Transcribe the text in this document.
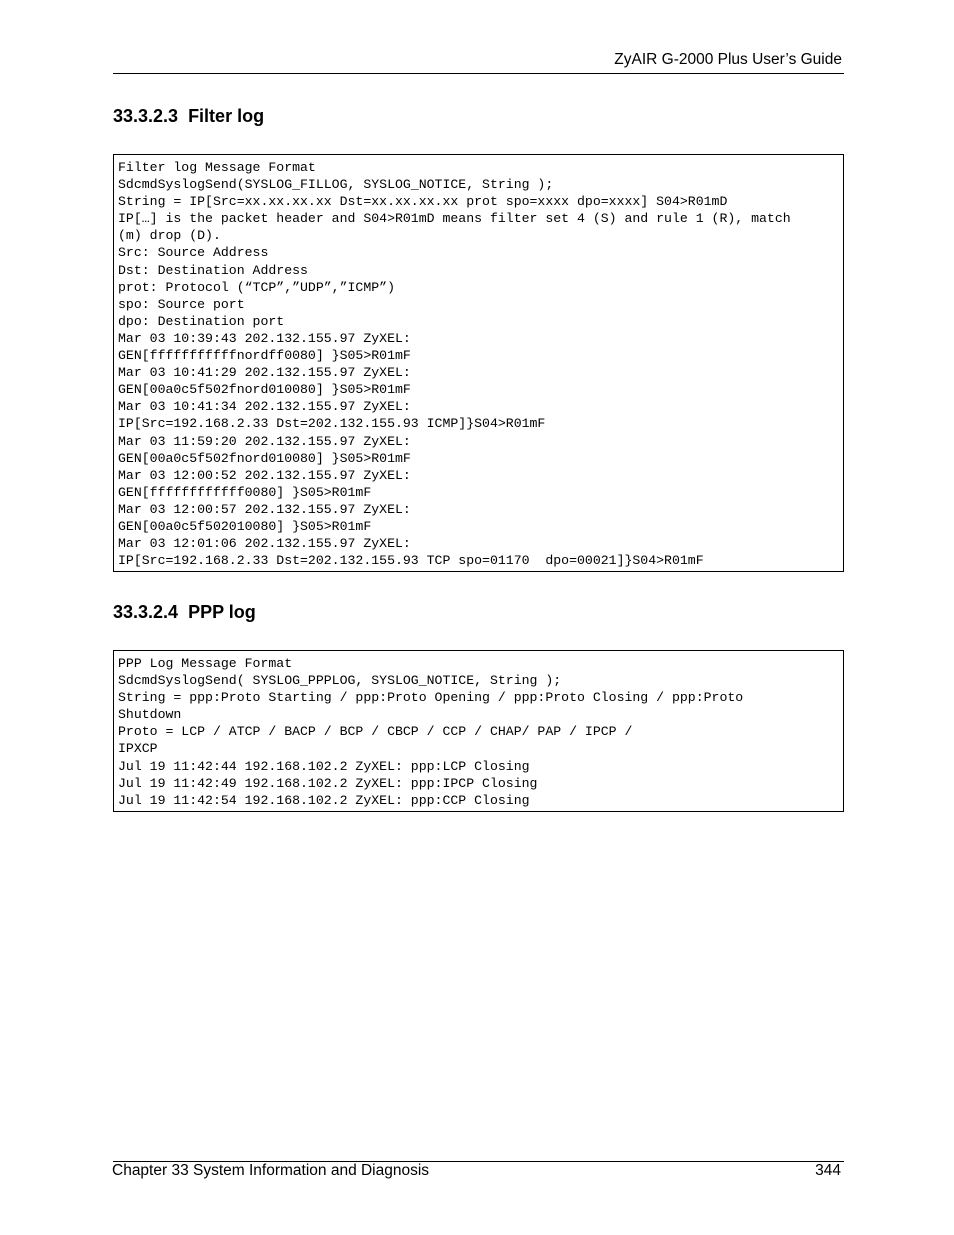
ZyAIR G-2000 Plus User’s Guide
33.3.2.3 Filter log
Filter log Message Format
SdcmdSyslogSend(SYSLOG_FILLOG, SYSLOG_NOTICE, String );
String = IP[Src=xx.xx.xx.xx Dst=xx.xx.xx.xx prot spo=xxxx dpo=xxxx] S04>R01mD
IP[…] is the packet header and S04>R01mD means filter set 4 (S) and rule 1 (R), match
(m) drop (D).
Src: Source Address
Dst: Destination Address
prot: Protocol (“TCP”,”UDP”,”ICMP”)
spo: Source port
dpo: Destination port
Mar 03 10:39:43 202.132.155.97 ZyXEL:
GEN[fffffffffffnordff0080] }S05>R01mF
Mar 03 10:41:29 202.132.155.97 ZyXEL:
GEN[00a0c5f502fnord010080] }S05>R01mF
Mar 03 10:41:34 202.132.155.97 ZyXEL:
IP[Src=192.168.2.33 Dst=202.132.155.93 ICMP]}S04>R01mF
Mar 03 11:59:20 202.132.155.97 ZyXEL:
GEN[00a0c5f502fnord010080] }S05>R01mF
Mar 03 12:00:52 202.132.155.97 ZyXEL:
GEN[ffffffffffff0080] }S05>R01mF
Mar 03 12:00:57 202.132.155.97 ZyXEL:
GEN[00a0c5f502010080] }S05>R01mF
Mar 03 12:01:06 202.132.155.97 ZyXEL:
IP[Src=192.168.2.33 Dst=202.132.155.93 TCP spo=01170  dpo=00021]}S04>R01mF
33.3.2.4 PPP log
PPP Log Message Format
SdcmdSyslogSend( SYSLOG_PPPLOG, SYSLOG_NOTICE, String );
String = ppp:Proto Starting / ppp:Proto Opening / ppp:Proto Closing / ppp:Proto
Shutdown
Proto = LCP / ATCP / BACP / BCP / CBCP / CCP / CHAP/ PAP / IPCP /
IPXCP
Jul 19 11:42:44 192.168.102.2 ZyXEL: ppp:LCP Closing
Jul 19 11:42:49 192.168.102.2 ZyXEL: ppp:IPCP Closing
Jul 19 11:42:54 192.168.102.2 ZyXEL: ppp:CCP Closing
Chapter 33 System Information and Diagnosis	344
